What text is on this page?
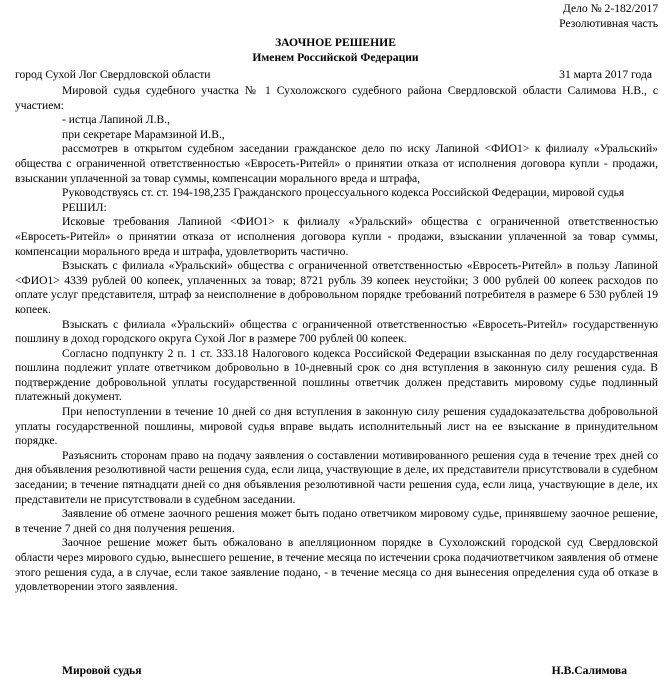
Дело № 2-182/2017
Резолютивная часть
ЗАОЧНОЕ РЕШЕНИЕ
Именем Российской Федерации
город Сухой Лог Свердловской области	31 марта 2017 года

Мировой судья судебного участка № 1 Сухоложского судебного района Свердловской области Салимова Н.В., с участием:

- истца Лапиной Л.В.,

при секретаре Марамзиной И.В.,

рассмотрев в открытом судебном заседании гражданское дело по иску Лапиной <ФИО1> к филиалу «Уральский» общества с ограниченной ответственностью «Евросеть-Ритейл» о принятии отказа от исполнения договора купли - продажи, взыскании уплаченной за товар суммы, компенсации морального вреда и штрафа,

Руководствуясь ст. ст. 194-198,235 Гражданского процессуального кодекса Российской Федерации, мировой судья

РЕШИЛ:

Исковые требования Лапиной <ФИО1> к филиалу «Уральский» общества с ограниченной ответственностью «Евросеть-Ритейл» о принятии отказа от исполнения договора купли - продажи, взыскании уплаченной за товар суммы, компенсации морального вреда и штрафа, удовлетворить частично.

Взыскать с филиала «Уральский» общества с ограниченной ответственностью «Евросеть-Ритейл» в пользу Лапиной <ФИО1> 4339 рублей 00 копеек, уплаченных за товар; 8721 рубль 39 копеек неустойки; 3 000 рублей 00 копеек расходов по оплате услуг представителя, штраф за неисполнение в добровольном порядке требований потребителя в размере 6 530 рублей 19 копеек.

Взыскать с филиала «Уральский» общества с ограниченной ответственностью «Евросеть-Ритейл» государственную пошлину в доход городского округа Сухой Лог в размере 700 рублей 00 копеек.

Согласно подпункту 2 п. 1 ст. 333.18 Налогового кодекса Российской Федерации взысканная по делу государственная пошлина подлежит уплате ответчиком добровольно в 10-дневный срок со дня вступления в законную силу решения суда. В подтверждение добровольной уплаты государственной пошлины ответчик должен представить мировому судье подлинный платежный документ.

При непоступлении в течение 10 дней со дня вступления в законную силу решения судадоказательства добровольной уплаты государственной пошлины, мировой судья вправе выдать исполнительный лист на ее взыскание в принудительном порядке.

Разъяснить сторонам право на подачу заявления о составлении мотивированного решения суда в течение трех дней со дня объявления резолютивной части решения суда, если лица, участвующие в деле, их представители присутствовали в судебном заседании; в течение пятнадцати дней со дня объявления резолютивной части решения суда, если лица, участвующие в деле, их представители не присутствовали в судебном заседании.

Заявление об отмене заочного решения может быть подано ответчиком мировому судье, принявшему заочное решение, в течение 7 дней со дня получения решения.

Заочное решение может быть обжаловано в апелляционном порядке в Сухоложский городской суд Свердловской области через мирового судью, вынесшего решение, в течение месяца по истечении срока подачиответчиком заявления об отмене этого решения суда, а в случае, если такое заявление подано, - в течение месяца со дня вынесения определения суда об отказе в удовлетворении этого заявления.

Мировой судья	Н.В.Салимова
